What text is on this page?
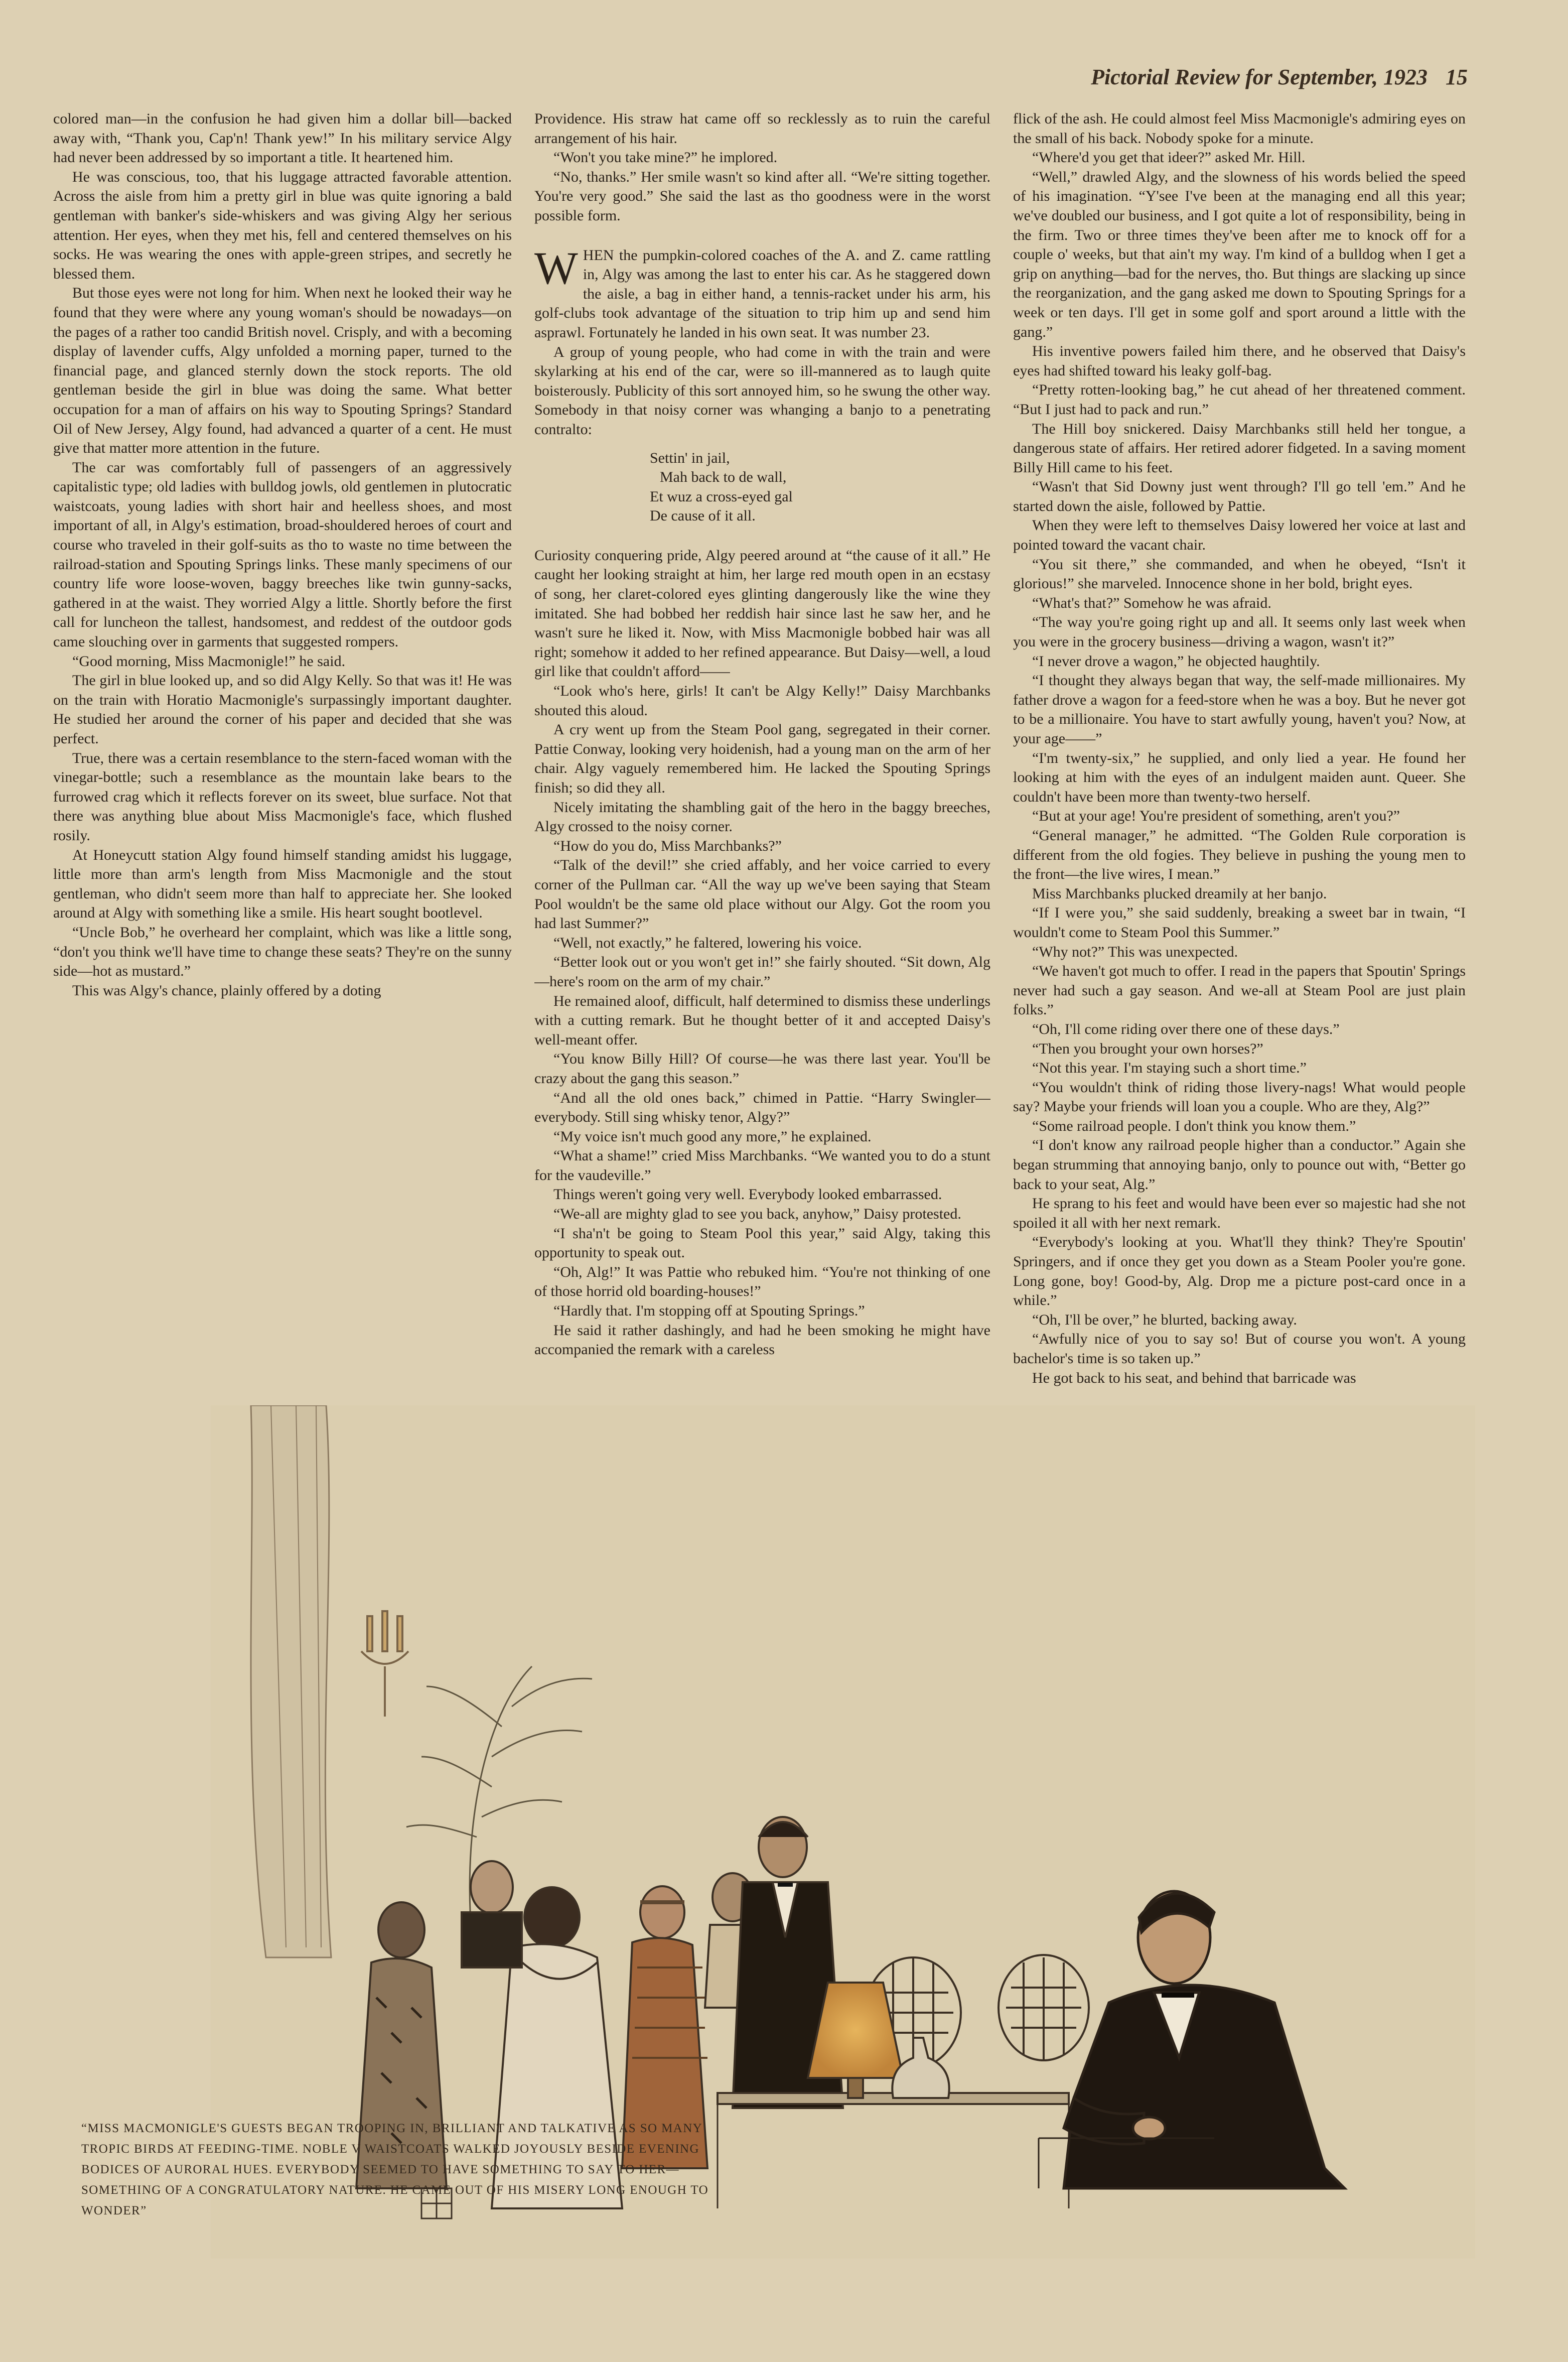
Pictorial Review for September, 1923 15

colored man—in the confusion he had given him a dollar bill—backed away with, “Thank you, Cap'n! Thank yew!” In his military service Algy had never been addressed by so important a title. It heartened him.

He was conscious, too, that his luggage attracted favorable attention. Across the aisle from him a pretty girl in blue was quite ignoring a bald gentleman with banker's side-whiskers and was giving Algy her serious attention. Her eyes, when they met his, fell and centered themselves on his socks. He was wearing the ones with apple-green stripes, and secretly he blessed them.

But those eyes were not long for him. When next he looked their way he found that they were where any young woman's should be nowadays—on the pages of a rather too candid British novel. Crisply, and with a becoming display of lavender cuffs, Algy unfolded a morning paper, turned to the financial page, and glanced sternly down the stock reports. The old gentleman beside the girl in blue was doing the same. What better occupation for a man of affairs on his way to Spouting Springs? Standard Oil of New Jersey, Algy found, had advanced a quarter of a cent. He must give that matter more attention in the future.

The car was comfortably full of passengers of an aggressively capitalistic type; old ladies with bulldog jowls, old gentlemen in plutocratic waistcoats, young ladies with short hair and heelless shoes, and most important of all, in Algy's estimation, broad-shouldered heroes of court and course who traveled in their golf-suits as tho to waste no time between the railroad-station and Spouting Springs links. These manly specimens of our country life wore loose-woven, baggy breeches like twin gunny-sacks, gathered in at the waist. They worried Algy a little. Shortly before the first call for luncheon the tallest, handsomest, and reddest of the outdoor gods came slouching over in garments that suggested rompers.

“Good morning, Miss Macmonigle!” he said.

The girl in blue looked up, and so did Algy Kelly. So that was it! He was on the train with Horatio Macmonigle's surpassingly important daughter. He studied her around the corner of his paper and decided that she was perfect.

True, there was a certain resemblance to the stern-faced woman with the vinegar-bottle; such a resemblance as the mountain lake bears to the furrowed crag which it reflects forever on its sweet, blue surface. Not that there was anything blue about Miss Macmonigle's face, which flushed rosily.

At Honeycutt station Algy found himself standing amidst his luggage, little more than arm's length from Miss Macmonigle and the stout gentleman, who didn't seem more than half to appreciate her. She looked around at Algy with something like a smile. His heart sought bootlevel.

“Uncle Bob,” he overheard her complaint, which was like a little song, “don't you think we'll have time to change these seats? They're on the sunny side—hot as mustard.”

This was Algy's chance, plainly offered by a doting

Providence. His straw hat came off so recklessly as to ruin the careful arrangement of his hair.

“Won't you take mine?” he implored.

“No, thanks.” Her smile wasn't so kind after all. “We're sitting together. You're very good.” She said the last as tho goodness were in the worst possible form.

WHEN the pumpkin-colored coaches of the A. and Z. came rattling in, Algy was among the last to enter his car. As he staggered down the aisle, a bag in either hand, a tennis-racket under his arm, his golf-clubs took advantage of the situation to trip him up and send him asprawl. Fortunately he landed in his own seat. It was number 23.

A group of young people, who had come in with the train and were skylarking at his end of the car, were so ill-mannered as to laugh quite boisterously. Publicity of this sort annoyed him, so he swung the other way. Somebody in that noisy corner was whanging a banjo to a penetrating contralto:

Settin' in jail,
Mah back to de wall,
Et wuz a cross-eyed gal
De cause of it all.

Curiosity conquering pride, Algy peered around at “the cause of it all.” He caught her looking straight at him, her large red mouth open in an ecstasy of song, her claret-colored eyes glinting dangerously like the wine they imitated. She had bobbed her reddish hair since last he saw her, and he wasn't sure he liked it. Now, with Miss Macmonigle bobbed hair was all right; somehow it added to her refined appearance. But Daisy—well, a loud girl like that couldn't afford——

“Look who's here, girls! It can't be Algy Kelly!” Daisy Marchbanks shouted this aloud.

A cry went up from the Steam Pool gang, segregated in their corner. Pattie Conway, looking very hoidenish, had a young man on the arm of her chair. Algy vaguely remembered him. He lacked the Spouting Springs finish; so did they all.

Nicely imitating the shambling gait of the hero in the baggy breeches, Algy crossed to the noisy corner.

“How do you do, Miss Marchbanks?”

“Talk of the devil!” she cried affably, and her voice carried to every corner of the Pullman car. “All the way up we've been saying that Steam Pool wouldn't be the same old place without our Algy. Got the room you had last Summer?”

“Well, not exactly,” he faltered, lowering his voice.

“Better look out or you won't get in!” she fairly shouted. “Sit down, Alg—here's room on the arm of my chair.”

He remained aloof, difficult, half determined to dismiss these underlings with a cutting remark. But he thought better of it and accepted Daisy's well-meant offer.

“You know Billy Hill? Of course—he was there last year. You'll be crazy about the gang this season.”

“And all the old ones back,” chimed in Pattie. “Harry Swingler—everybody. Still sing whisky tenor, Algy?”

“My voice isn't much good any more,” he explained.

“What a shame!” cried Miss Marchbanks. “We wanted you to do a stunt for the vaudeville.”

Things weren't going very well. Everybody looked embarrassed.

“We-all are mighty glad to see you back, anyhow,” Daisy protested.

“I sha'n't be going to Steam Pool this year,” said Algy, taking this opportunity to speak out.

“Oh, Alg!” It was Pattie who rebuked him. “You're not thinking of one of those horrid old boarding-houses!”

“Hardly that. I'm stopping off at Spouting Springs.”

He said it rather dashingly, and had he been smoking he might have accompanied the remark with a careless

flick of the ash. He could almost feel Miss Macmonigle's admiring eyes on the small of his back. Nobody spoke for a minute.

“Where'd you get that ideer?” asked Mr. Hill.

“Well,” drawled Algy, and the slowness of his words belied the speed of his imagination. “Y'see I've been at the managing end all this year; we've doubled our business, and I got quite a lot of responsibility, being in the firm. Two or three times they've been after me to knock off for a couple o' weeks, but that ain't my way. I'm kind of a bulldog when I get a grip on anything—bad for the nerves, tho. But things are slacking up since the reorganization, and the gang asked me down to Spouting Springs for a week or ten days. I'll get in some golf and sport around a little with the gang.”

His inventive powers failed him there, and he observed that Daisy's eyes had shifted toward his leaky golf-bag.

“Pretty rotten-looking bag,” he cut ahead of her threatened comment. “But I just had to pack and run.”

The Hill boy snickered. Daisy Marchbanks still held her tongue, a dangerous state of affairs. Her retired adorer fidgeted. In a saving moment Billy Hill came to his feet.

“Wasn't that Sid Downy just went through? I'll go tell 'em.” And he started down the aisle, followed by Pattie.

When they were left to themselves Daisy lowered her voice at last and pointed toward the vacant chair.

“You sit there,” she commanded, and when he obeyed, “Isn't it glorious!” she marveled. Innocence shone in her bold, bright eyes.

“What's that?” Somehow he was afraid.

“The way you're going right up and all. It seems only last week when you were in the grocery business—driving a wagon, wasn't it?”

“I never drove a wagon,” he objected haughtily.

“I thought they always began that way, the self-made millionaires. My father drove a wagon for a feed-store when he was a boy. But he never got to be a millionaire. You have to start awfully young, haven't you? Now, at your age——”

“I'm twenty-six,” he supplied, and only lied a year. He found her looking at him with the eyes of an indulgent maiden aunt. Queer. She couldn't have been more than twenty-two herself.

“But at your age! You're president of something, aren't you?”

“General manager,” he admitted. “The Golden Rule corporation is different from the old fogies. They believe in pushing the young men to the front—the live wires, I mean.”

Miss Marchbanks plucked dreamily at her banjo.

“If I were you,” she said suddenly, breaking a sweet bar in twain, “I wouldn't come to Steam Pool this Summer.”

“Why not?” This was unexpected.

“We haven't got much to offer. I read in the papers that Spoutin' Springs never had such a gay season. And we-all at Steam Pool are just plain folks.”

“Oh, I'll come riding over there one of these days.”

“Then you brought your own horses?”

“Not this year. I'm staying such a short time.”

“You wouldn't think of riding those livery-nags! What would people say? Maybe your friends will loan you a couple. Who are they, Alg?”

“Some railroad people. I don't think you know them.”

“I don't know any railroad people higher than a conductor.” Again she began strumming that annoying banjo, only to pounce out with, “Better go back to your seat, Alg.”

He sprang to his feet and would have been ever so majestic had she not spoiled it all with her next remark.

“Everybody's looking at you. What'll they think? They're Spoutin' Springers, and if once they get you down as a Steam Pooler you're gone. Long gone, boy! Good-by, Alg. Drop me a picture post-card once in a while.”

“Oh, I'll be over,” he blurted, backing away.

“Awfully nice of you to say so! But of course you won't. A young bachelor's time is so taken up.”

He got back to his seat, and behind that barricade was

“MISS MACMONIGLE'S GUESTS BEGAN TROOPING IN, BRILLIANT AND TALKATIVE AS SO MANY TROPIC BIRDS AT FEEDING-TIME. NOBLE V WAISTCOATS WALKED JOYOUSLY BESIDE EVENING BODICES OF AURORAL HUES. EVERYBODY SEEMED TO HAVE SOMETHING TO SAY TO HER—SOMETHING OF A CONGRATULATORY NATURE. HE CAME OUT OF HIS MISERY LONG ENOUGH TO WONDER”
